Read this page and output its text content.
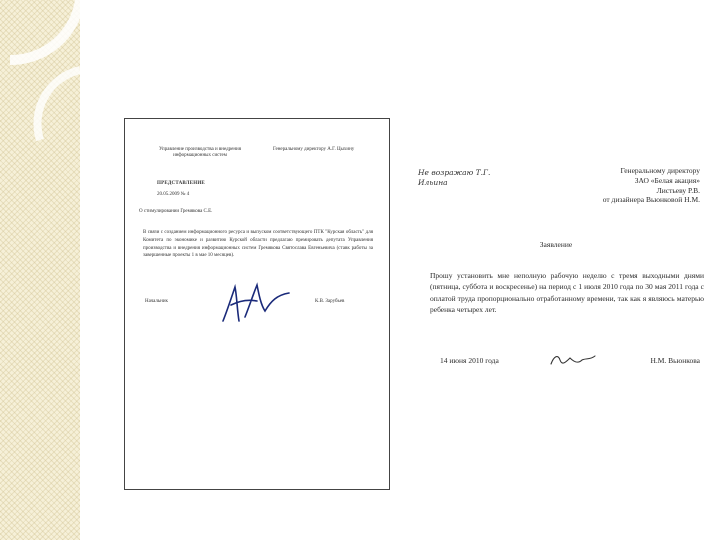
Управление производства и внедрения информационных систем
Генеральному директору А.Г. Цыхину
ПРЕДСТАВЛЕНИЕ
20.05.2009 № 4
О стимулировании Гремякова С.Е.
В связи с созданием информационного ресурса и выпуском соответствующего ПТК "Курская область" для Комитета по экономике и развитию Курской области предлагаю премировать депутата Управления производства и внедрения информационных систем Гремякова Святослава Евгеньевича (ставк работы за завершенные проекты 1 в мае 10 месяцев).
Начальник	К.В. Зарубьев
Не возражаю Т.Г. Ильина
Генеральному директору
ЗАО «Белая акация»
Листьеву Р.В.
от дизайнера Вьюнковой Н.М.
Заявление
Прошу установить мне неполную рабочую неделю с тремя выходными днями (пятница, суббота и воскресенье) на период с 1 июля 2010 года по 30 мая 2011 года с оплатой труда пропорционально отработанному времени, так как я являюсь матерью ребенка четырех лет.
14 июня 2010 года	Н.М. Вьюнкова
